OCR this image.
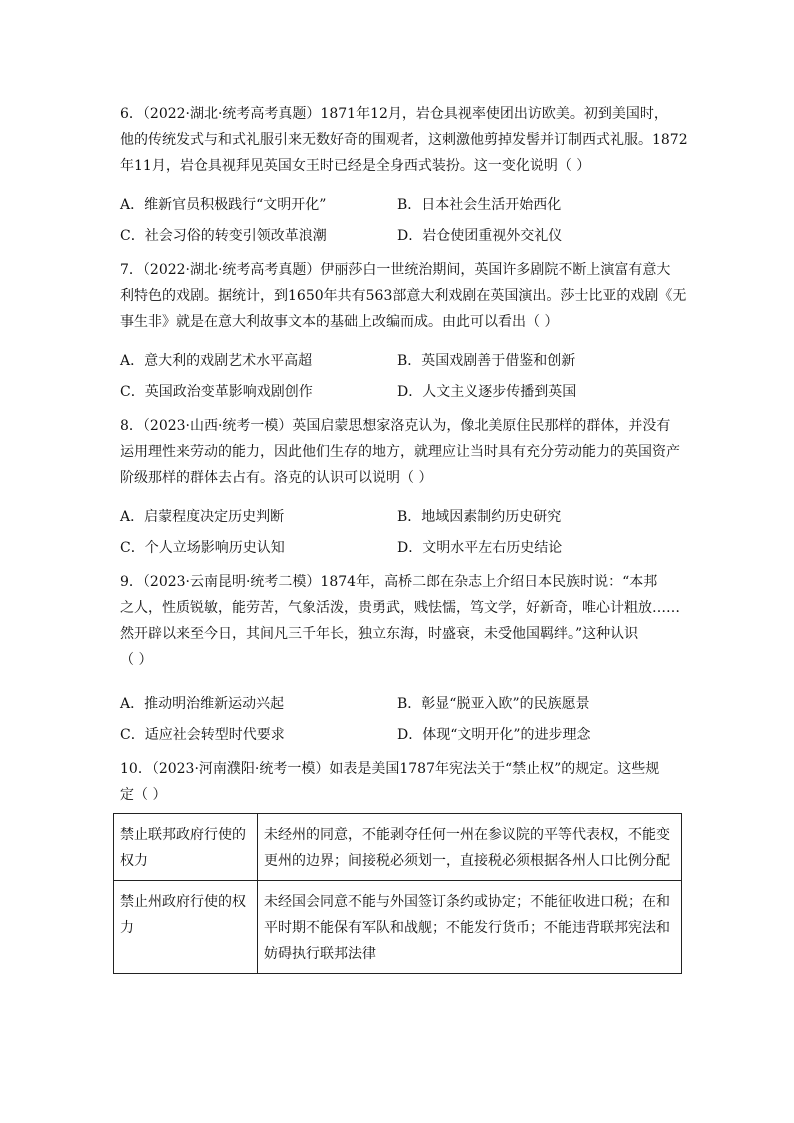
6．（2022·湖北·统考高考真题）1871年12月，岩仓具视率使团出访欧美。初到美国时，
他的传统发式与和式礼服引来无数好奇的围观者，这刺激他剪掉发髻并订制西式礼服。1872
年11月，岩仓具视拜见英国女王时已经是全身西式装扮。这一变化说明（ ）
A．维新官员积极践行“文明开化”	B．日本社会生活开始西化
C．社会习俗的转变引领改革浪潮	D．岩仓使团重视外交礼仪
7．（2022·湖北·统考高考真题）伊丽莎白一世统治期间，英国许多剧院不断上演富有意大
利特色的戏剧。据统计，到1650年共有563部意大利戏剧在英国演出。莎士比亚的戏剧《无
事生非》就是在意大利故事文本的基础上改编而成。由此可以看出（ ）
A．意大利的戏剧艺术水平高超	B．英国戏剧善于借鉴和创新
C．英国政治变革影响戏剧创作	D．人文主义逐步传播到英国
8．（2023·山西·统考一模）英国启蒙思想家洛克认为，像北美原住民那样的群体，并没有
运用理性来劳动的能力，因此他们生存的地方，就理应让当时具有充分劳动能力的英国资产
阶级那样的群体去占有。洛克的认识可以说明（ ）
A．启蒙程度决定历史判断	B．地域因素制约历史研究
C．个人立场影响历史认知	D．文明水平左右历史结论
9．（2023·云南昆明·统考二模）1874年，高桥二郎在杂志上介绍日本民族时说：“本邦
之人，性质锐敏，能劳苦，气象活泼，贵勇武，贱怯懦，笃文学，好新奇，唯心计粗放……
然开辟以来至今日，其间凡三千年长，独立东海，时盛衰，未受他国羁绊。”这种认识
（ ）
A．推动明治维新运动兴起	B．彰显“脱亚入欧”的民族愿景
C．适应社会转型时代要求	D．体现“文明开化”的进步理念
10．（2023·河南濮阳·统考一模）如表是美国1787年宪法关于“禁止权”的规定。这些规
定（ ）
禁止联邦政府行使的
权力	未经州的同意，不能剥夺任何一州在参议院的平等代表权，不能变
更州的边界；间接税必须划一，直接税必须根据各州人口比例分配

禁止州政府行使的权
力	未经国会同意不能与外国签订条约或协定；不能征收进口税；在和
平时期不能保有军队和战舰；不能发行货币；不能违背联邦宪法和
妨碍执行联邦法律
